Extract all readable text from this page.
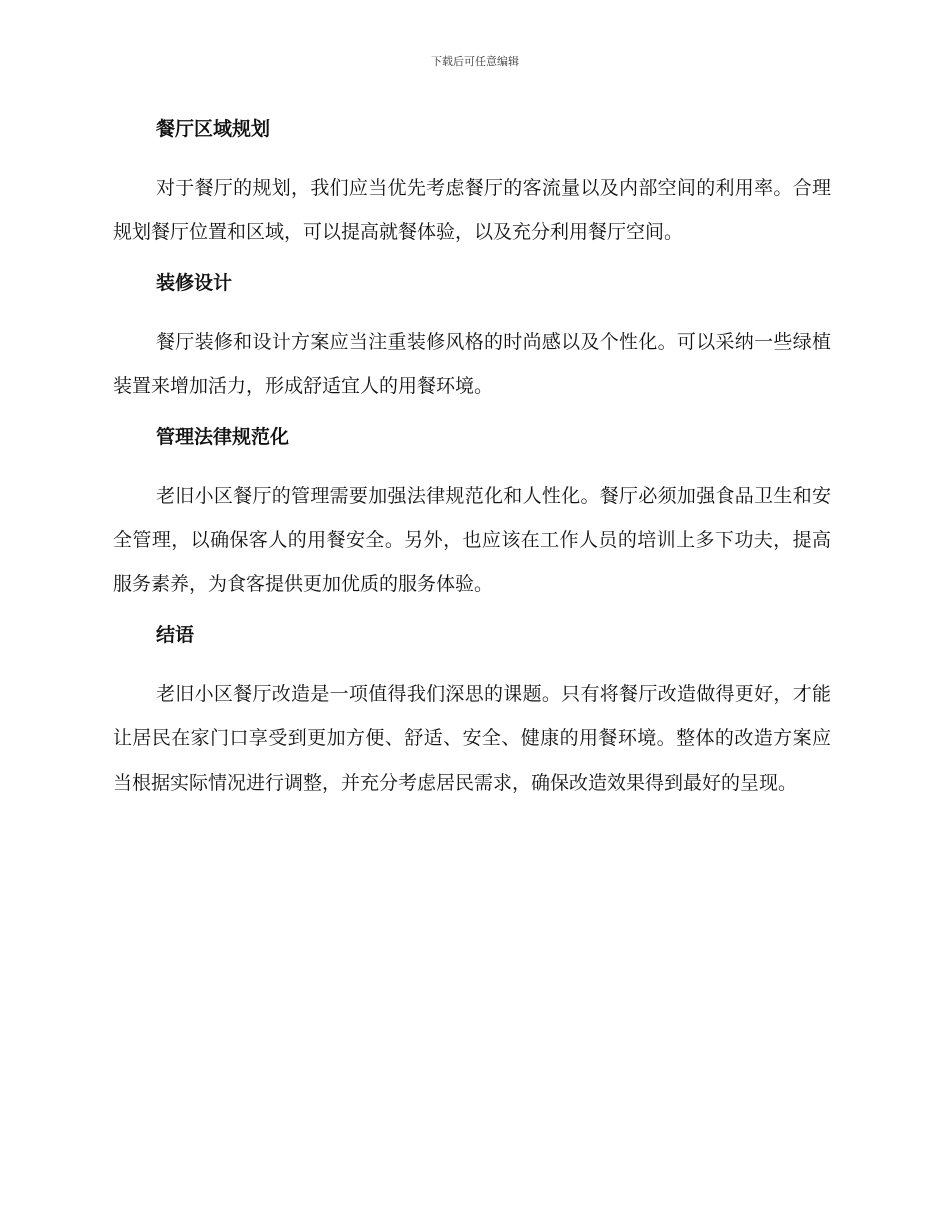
下载后可任意编辑
餐厅区域规划

对于餐厅的规划，我们应当优先考虑餐厅的客流量以及内部空间的利用率。合理规划餐厅位置和区域，可以提高就餐体验，以及充分利用餐厅空间。

装修设计

餐厅装修和设计方案应当注重装修风格的时尚感以及个性化。可以采纳一些绿植装置来增加活力，形成舒适宜人的用餐环境。

管理法律规范化

老旧小区餐厅的管理需要加强法律规范化和人性化。餐厅必须加强食品卫生和安全管理，以确保客人的用餐安全。另外，也应该在工作人员的培训上多下功夫，提高服务素养，为食客提供更加优质的服务体验。

结语

老旧小区餐厅改造是一项值得我们深思的课题。只有将餐厅改造做得更好，才能让居民在家门口享受到更加方便、舒适、安全、健康的用餐环境。整体的改造方案应当根据实际情况进行调整，并充分考虑居民需求，确保改造效果得到最好的呈现。
